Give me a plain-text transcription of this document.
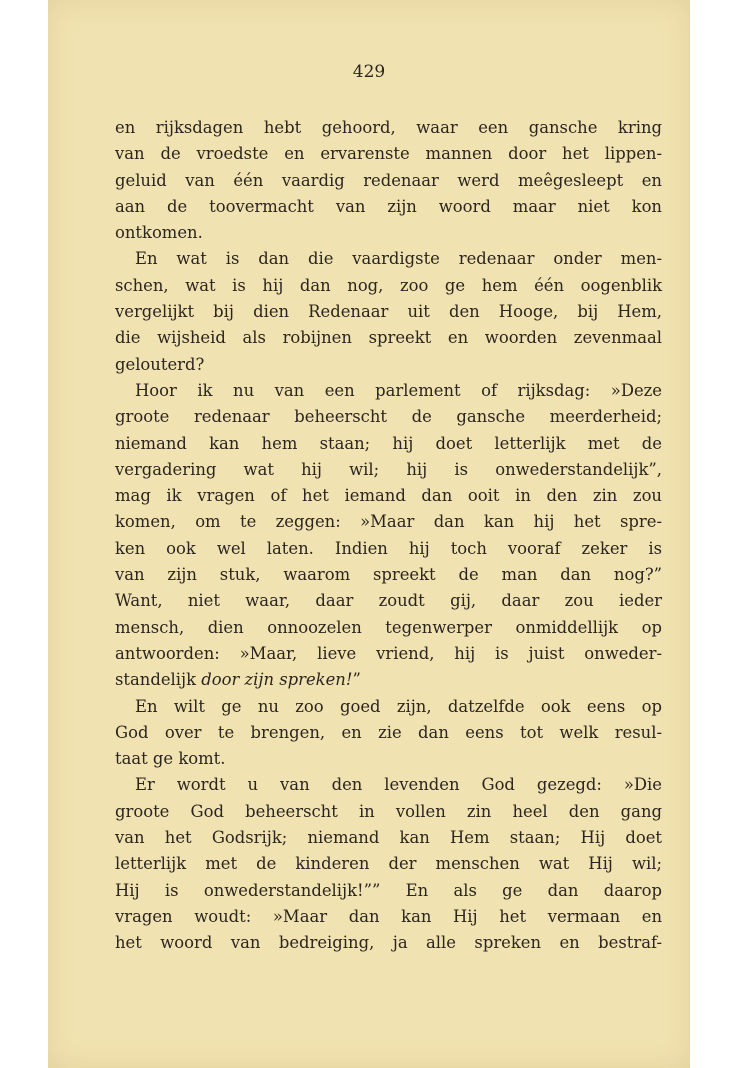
429
en rijksdagen hebt gehoord, waar een gansche kring
van de vroedste en ervarenste mannen door het lippen-
geluid van één vaardig redenaar werd meêgesleept en
aan de toovermacht van zijn woord maar niet kon
ontkomen.
En wat is dan die vaardigste redenaar onder men-
schen, wat is hij dan nog, zoo ge hem één oogenblik
vergelijkt bij dien Redenaar uit den Hooge, bij Hem,
die wijsheid als robijnen spreekt en woorden zevenmaal
gelouterd?
Hoor ik nu van een parlement of rijksdag: »Deze
groote redenaar beheerscht de gansche meerderheid;
niemand kan hem staan; hij doet letterlijk met de
vergadering wat hij wil; hij is onwederstandelijk”,
mag ik vragen of het iemand dan ooit in den zin zou
komen, om te zeggen: »Maar dan kan hij het spre-
ken ook wel laten. Indien hij toch vooraf zeker is
van zijn stuk, waarom spreekt de man dan nog?”
Want, niet waar, daar zoudt gij, daar zou ieder
mensch, dien onnoozelen tegenwerper onmiddellijk op
antwoorden: »Maar, lieve vriend, hij is juist onweder-
standelijk door zijn spreken!”
En wilt ge nu zoo goed zijn, datzelfde ook eens op
God over te brengen, en zie dan eens tot welk resul-
taat ge komt.
Er wordt u van den levenden God gezegd: »Die
groote God beheerscht in vollen zin heel den gang
van het Godsrijk; niemand kan Hem staan; Hij doet
letterlijk met de kinderen der menschen wat Hij wil;
Hij is onwederstandelijk!”” En als ge dan daarop
vragen woudt: »Maar dan kan Hij het vermaan en
het woord van bedreiging, ja alle spreken en bestraf-
